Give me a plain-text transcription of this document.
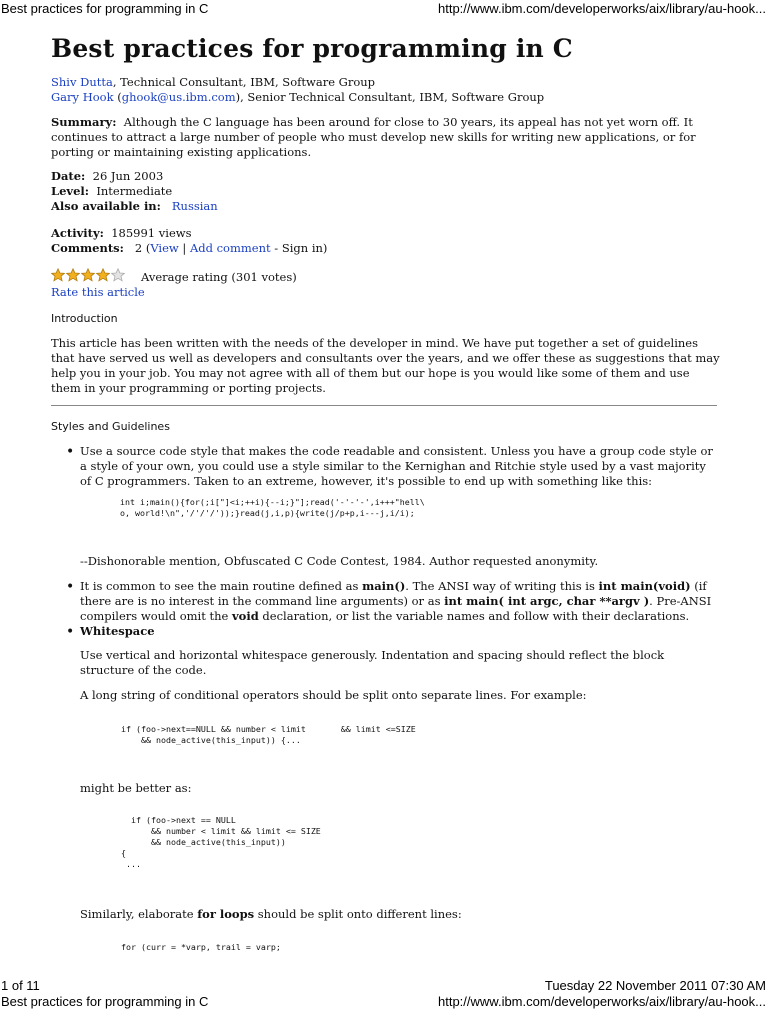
Best practices for programming in C	http://www.ibm.com/developerworks/aix/library/au-hook...
Best practices for programming in C
Shiv Dutta, Technical Consultant, IBM, Software Group
Gary Hook (ghook@us.ibm.com), Senior Technical Consultant, IBM, Software Group
Summary: Although the C language has been around for close to 30 years, its appeal has not yet worn off. It continues to attract a large number of people who must develop new skills for writing new applications, or for porting or maintaining existing applications.
Date: 26 Jun 2003
Level: Intermediate
Also available in: Russian
Activity: 185991 views
Comments: 2 (View | Add comment - Sign in)
Average rating (301 votes)
Rate this article
Introduction
This article has been written with the needs of the developer in mind. We have put together a set of guidelines that have served us well as developers and consultants over the years, and we offer these as suggestions that may help you in your job. You may not agree with all of them but our hope is you would like some of them and use them in your programming or porting projects.
Styles and Guidelines
• Use a source code style that makes the code readable and consistent. Unless you have a group code style or a style of your own, you could use a style similar to the Kernighan and Ritchie style used by a vast majority of C programmers. Taken to an extreme, however, it's possible to end up with something like this:
int i;main(){for(;i["]<i;++i){--i;}"];read('-'-'-',i+++"hell\
o, world!\n",'/'/'/'));}read(j,i,p){write(j/p+p,i---j,i/i);
--Dishonorable mention, Obfuscated C Code Contest, 1984. Author requested anonymity.
• It is common to see the main routine defined as main(). The ANSI way of writing this is int main(void) (if there are is no interest in the command line arguments) or as int main( int argc, char **argv ). Pre-ANSI compilers would omit the void declaration, or list the variable names and follow with their declarations.
• Whitespace
Use vertical and horizontal whitespace generously. Indentation and spacing should reflect the block structure of the code.
A long string of conditional operators should be split onto separate lines. For example:
if (foo->next==NULL && number < limit       && limit <=SIZE
&& node_active(this_input)) {...
might be better as:
if (foo->next == NULL
&& number < limit && limit <= SIZE
&& node_active(this_input))
{
...
Similarly, elaborate for loops should be split onto different lines:
for (curr = *varp, trail = varp;
1 of 11	Tuesday 22 November 2011 07:30 AM
Best practices for programming in C	http://www.ibm.com/developerworks/aix/library/au-hook...
